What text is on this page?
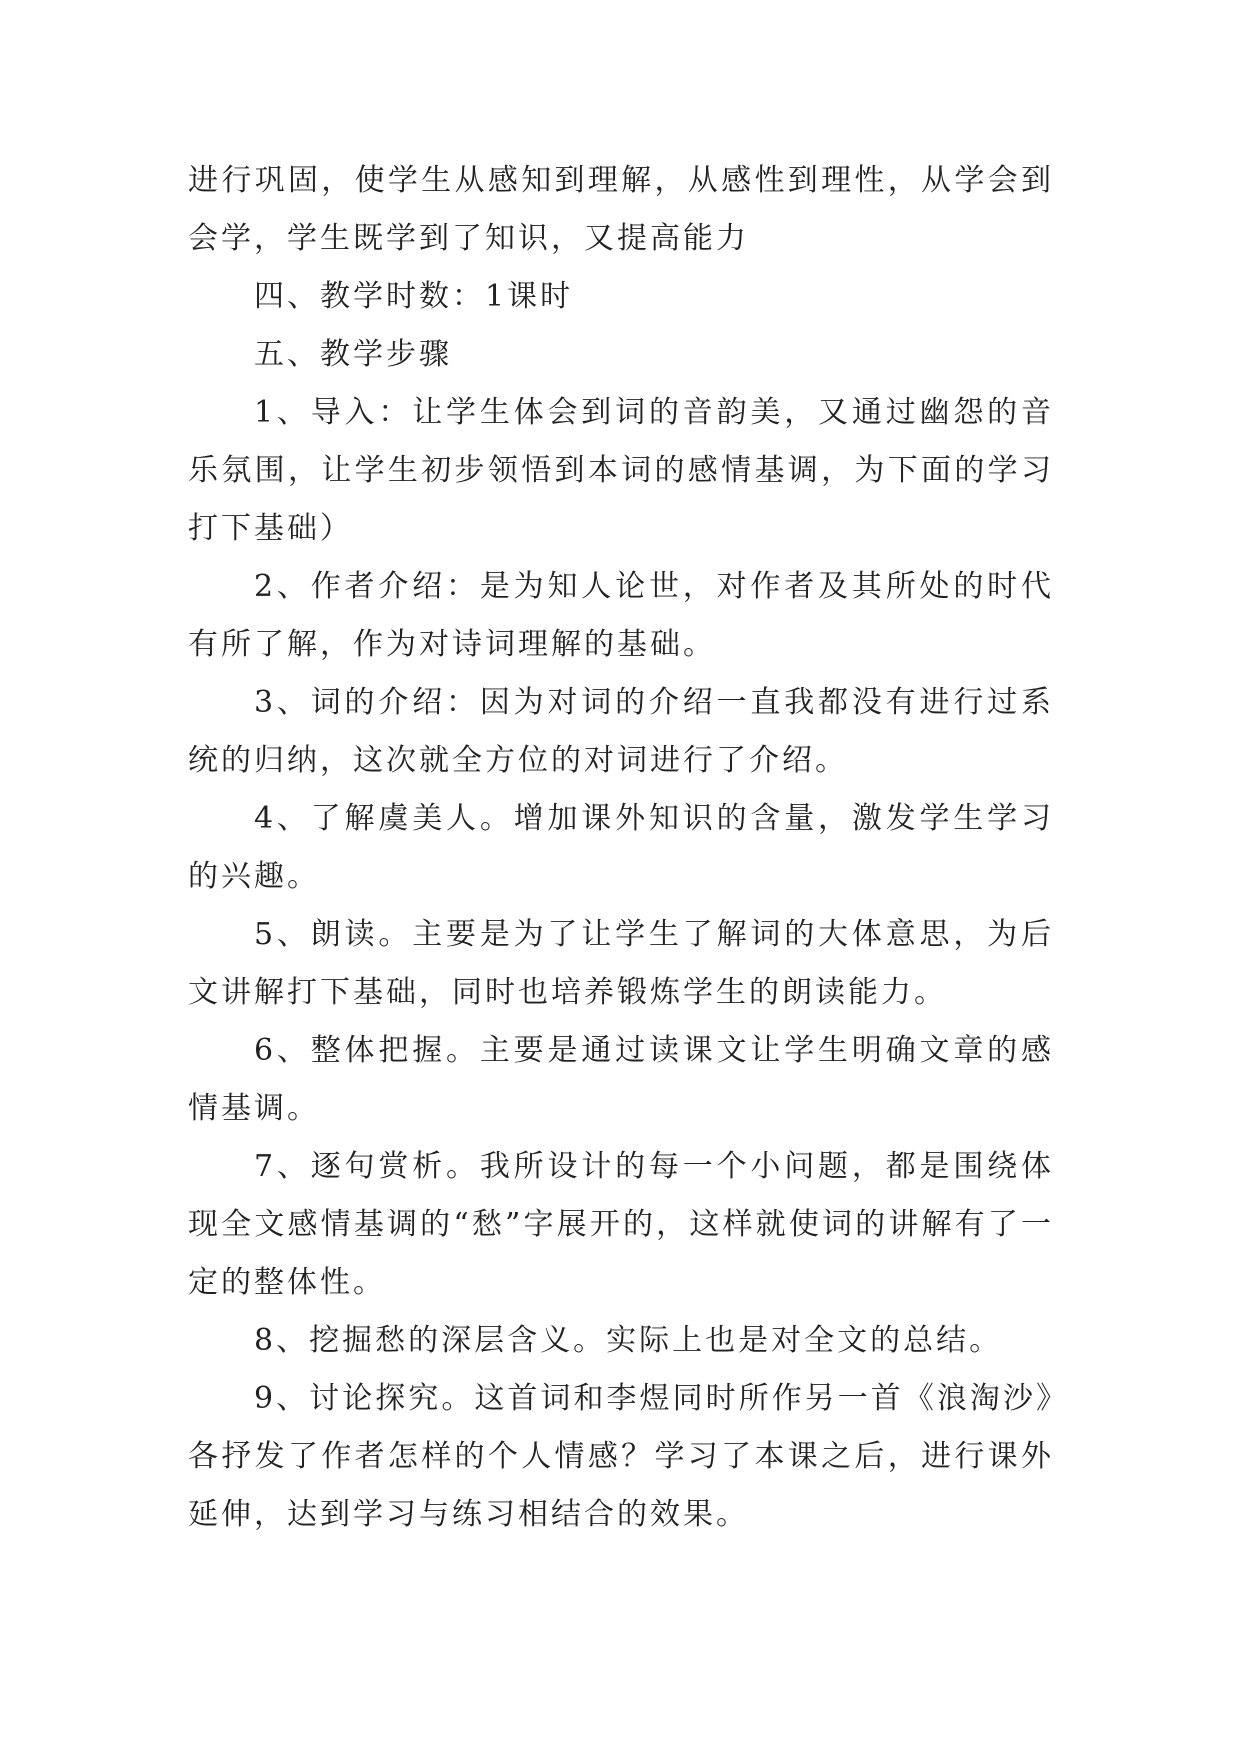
进行巩固，使学生从感知到理解，从感性到理性，从学会到会学，学生既学到了知识，又提高能力

四、教学时数：1课时

五、教学步骤

1、导入：让学生体会到词的音韵美，又通过幽怨的音乐氛围，让学生初步领悟到本词的感情基调，为下面的学习打下基础）

2、作者介绍：是为知人论世，对作者及其所处的时代有所了解，作为对诗词理解的基础。

3、词的介绍：因为对词的介绍一直我都没有进行过系统的归纳，这次就全方位的对词进行了介绍。

4、了解虞美人。增加课外知识的含量，激发学生学习的兴趣。

5、朗读。主要是为了让学生了解词的大体意思，为后文讲解打下基础，同时也培养锻炼学生的朗读能力。

6、整体把握。主要是通过读课文让学生明确文章的感情基调。

7、逐句赏析。我所设计的每一个小问题，都是围绕体现全文感情基调的“愁”字展开的，这样就使词的讲解有了一定的整体性。

8、挖掘愁的深层含义。实际上也是对全文的总结。

9、讨论探究。这首词和李煜同时所作另一首《浪淘沙》各抒发了作者怎样的个人情感？学习了本课之后，进行课外延伸，达到学习与练习相结合的效果。
